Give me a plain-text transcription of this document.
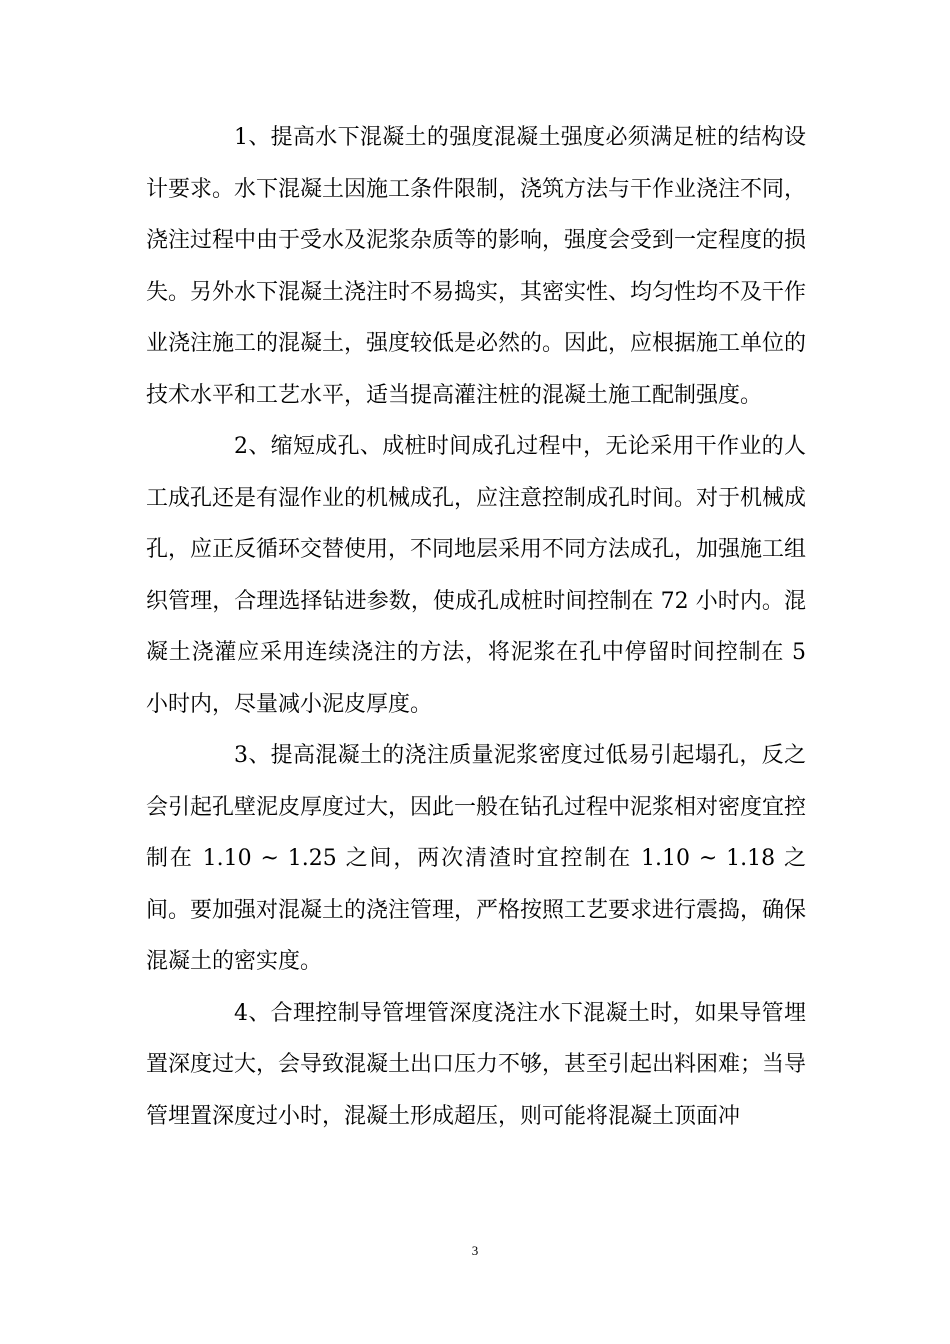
1、提高水下混凝土的强度混凝土强度必须满足桩的结构设计要求。水下混凝土因施工条件限制，浇筑方法与干作业浇注不同，浇注过程中由于受水及泥浆杂质等的影响，强度会受到一定程度的损失。另外水下混凝土浇注时不易捣实，其密实性、均匀性均不及干作业浇注施工的混凝土，强度较低是必然的。因此，应根据施工单位的技术水平和工艺水平，适当提高灌注桩的混凝土施工配制强度。

2、缩短成孔、成桩时间成孔过程中，无论采用干作业的人工成孔还是有湿作业的机械成孔，应注意控制成孔时间。对于机械成孔，应正反循环交替使用，不同地层采用不同方法成孔，加强施工组织管理，合理选择钻进参数，使成孔成桩时间控制在 72 小时内。混凝土浇灌应采用连续浇注的方法，将泥浆在孔中停留时间控制在 5 小时内，尽量减小泥皮厚度。

3、提高混凝土的浇注质量泥浆密度过低易引起塌孔，反之会引起孔壁泥皮厚度过大，因此一般在钻孔过程中泥浆相对密度宜控制在 1.10 ~ 1.25 之间，两次清渣时宜控制在 1.10 ~ 1.18 之间。要加强对混凝土的浇注管理，严格按照工艺要求进行震捣，确保混凝土的密实度。

4、合理控制导管埋管深度浇注水下混凝土时，如果导管埋置深度过大，会导致混凝土出口压力不够，甚至引起出料困难；当导管埋置深度过小时，混凝土形成超压，则可能将混凝土顶面冲

3
